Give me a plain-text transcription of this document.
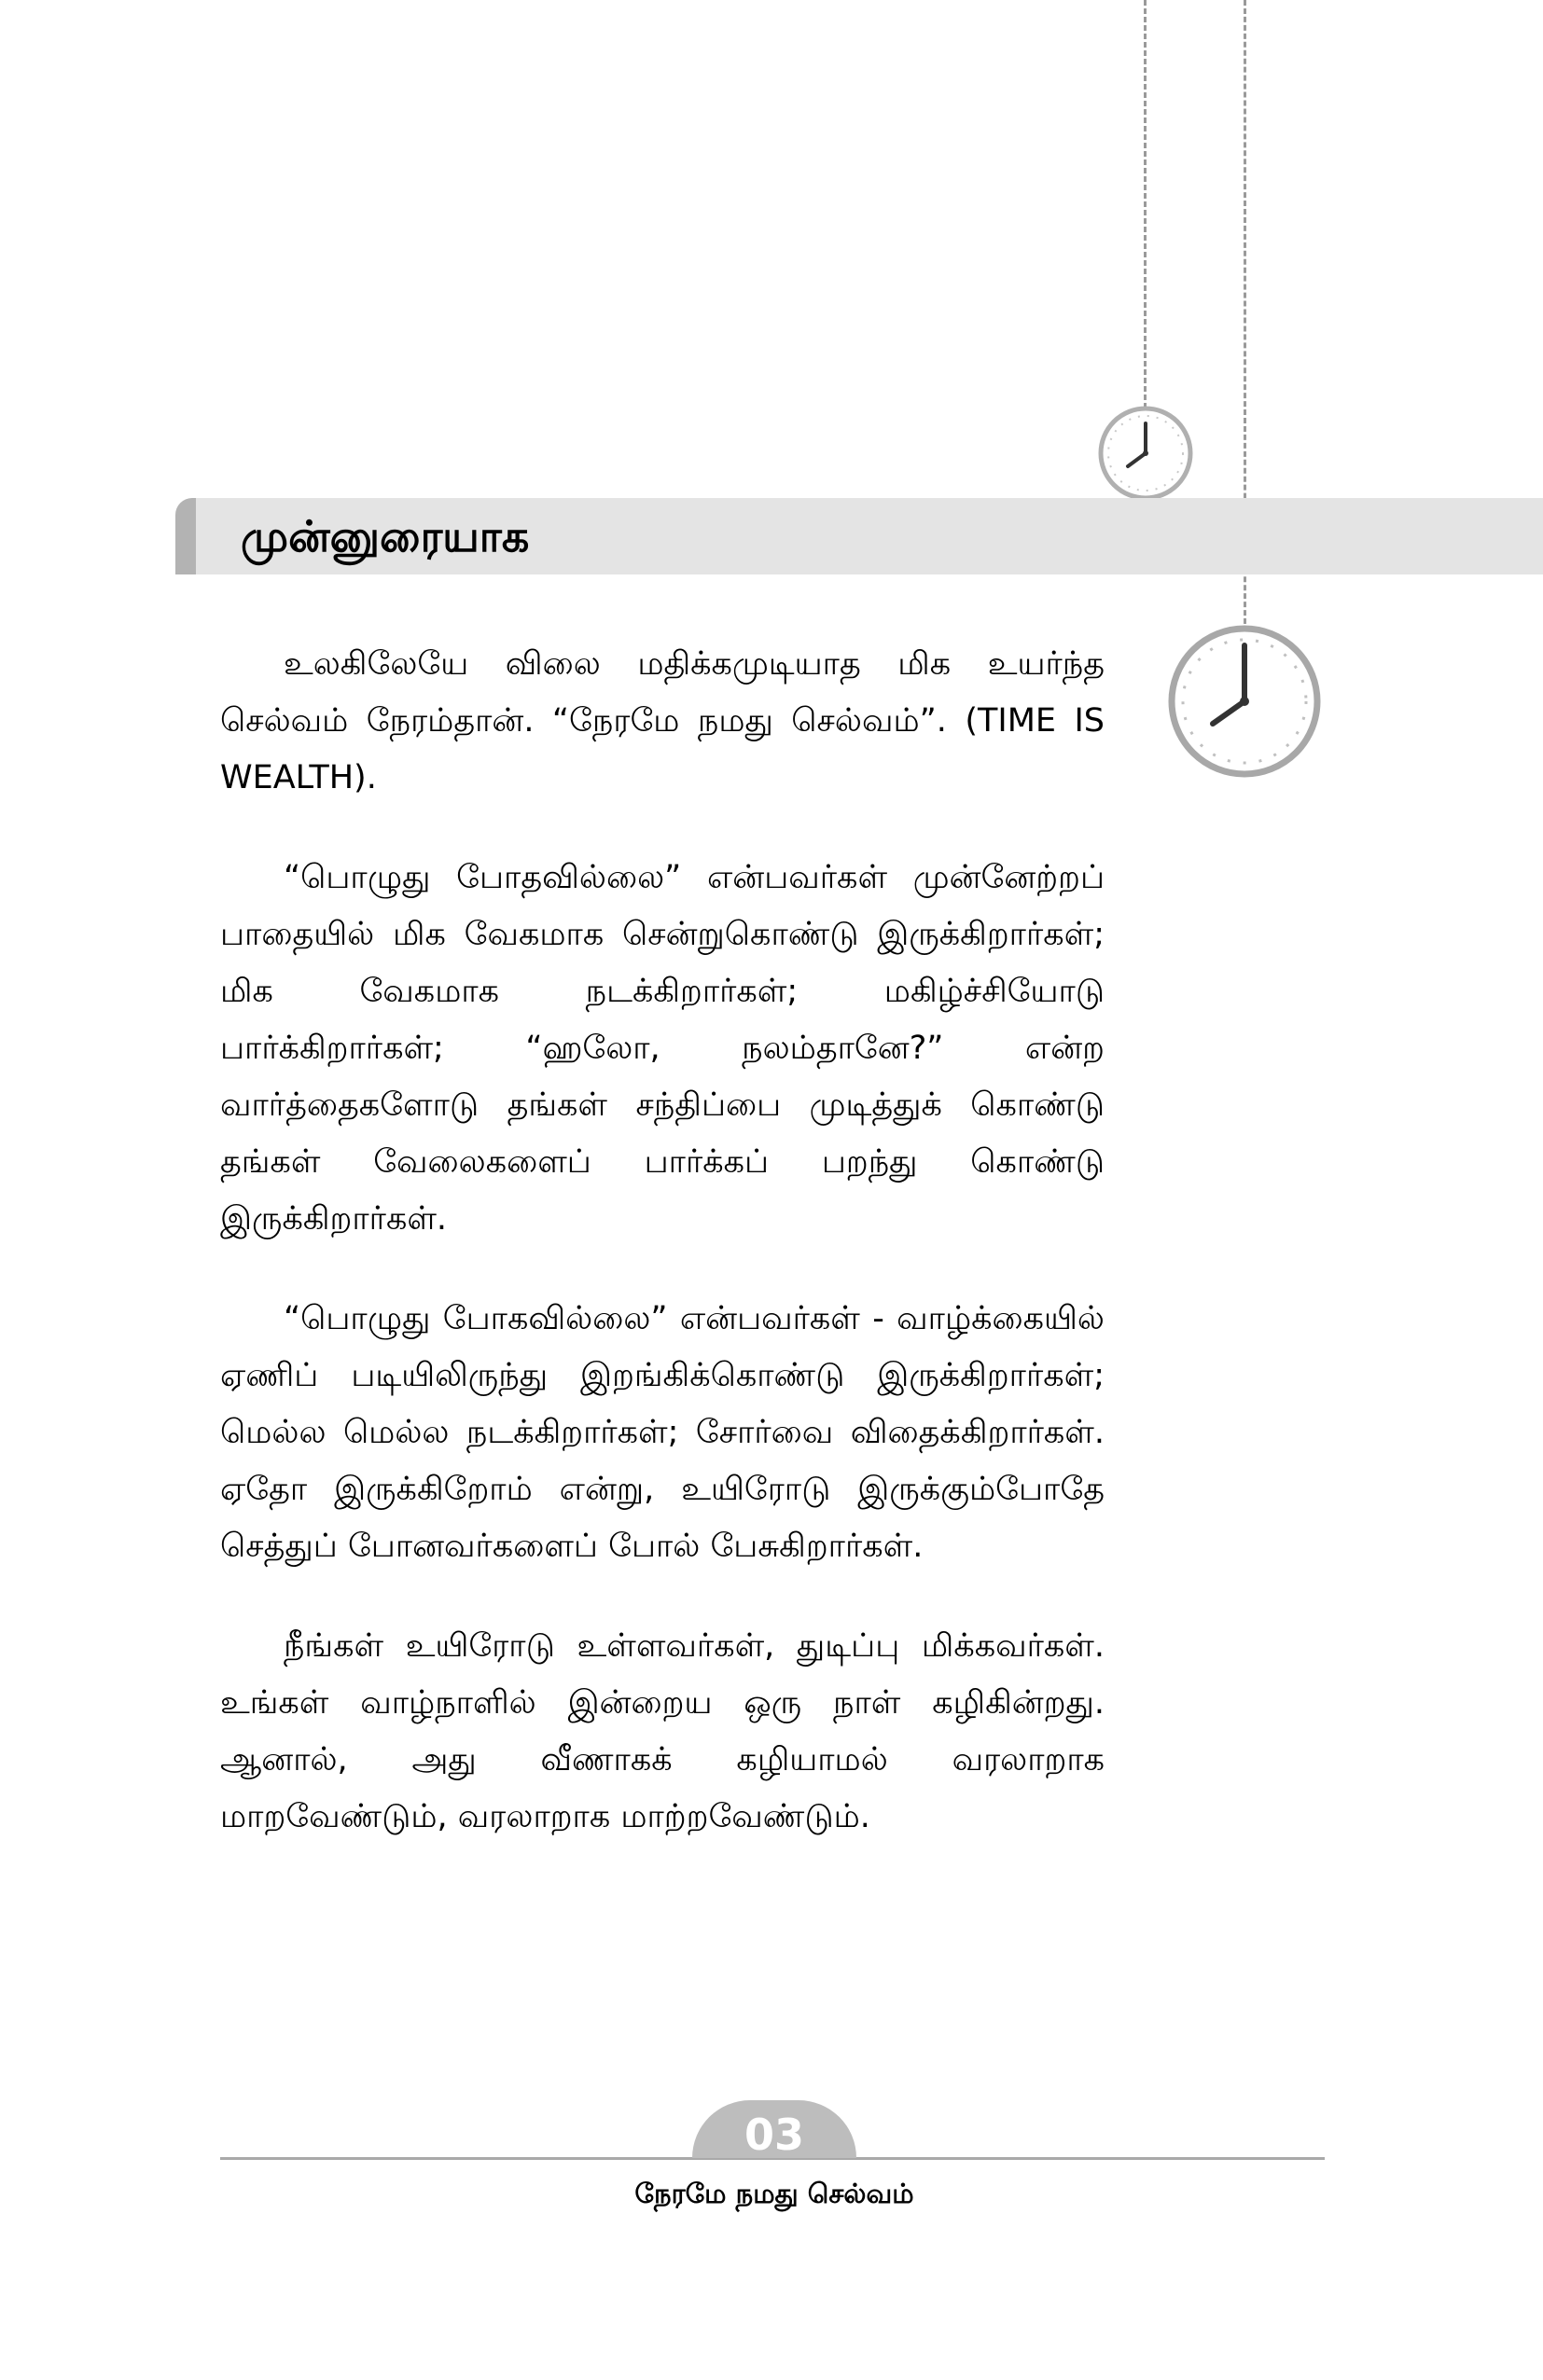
முன்னுரையாக

உலகிலேயே விலை மதிக்கமுடியாத மிக உயர்ந்த செல்வம் நேரம்தான். “நேரமே நமது செல்வம்”. (TIME IS WEALTH).

“பொழுது போதவில்லை” என்பவர்கள் முன்னேற்றப் பாதையில் மிக வேகமாக சென்றுகொண்டு இருக்கிறார்கள்; மிக வேகமாக நடக்கிறார்கள்; மகிழ்ச்சியோடு பார்க்கிறார்கள்; “ஹலோ, நலம்தானே?” என்ற வார்த்தைகளோடு தங்கள் சந்திப்பை முடித்துக் கொண்டு தங்கள் வேலைகளைப் பார்க்கப் பறந்து கொண்டு இருக்கிறார்கள்.

“பொழுது போகவில்லை” என்பவர்கள் - வாழ்க்கையில் ஏணிப் படியிலிருந்து இறங்கிக்கொண்டு இருக்கிறார்கள்; மெல்ல மெல்ல நடக்கிறார்கள்; சோர்வை விதைக்கிறார்கள். ஏதோ இருக்கிறோம் என்று, உயிரோடு இருக்கும்போதே செத்துப் போனவர்களைப் போல் பேசுகிறார்கள்.

நீங்கள் உயிரோடு உள்ளவர்கள், துடிப்பு மிக்கவர்கள். உங்கள் வாழ்நாளில் இன்றைய ஒரு நாள் கழிகின்றது. ஆனால், அது வீணாகக் கழியாமல் வரலாறாக மாறவேண்டும், வரலாறாக மாற்றவேண்டும்.

03
நேரமே நமது செல்வம்
